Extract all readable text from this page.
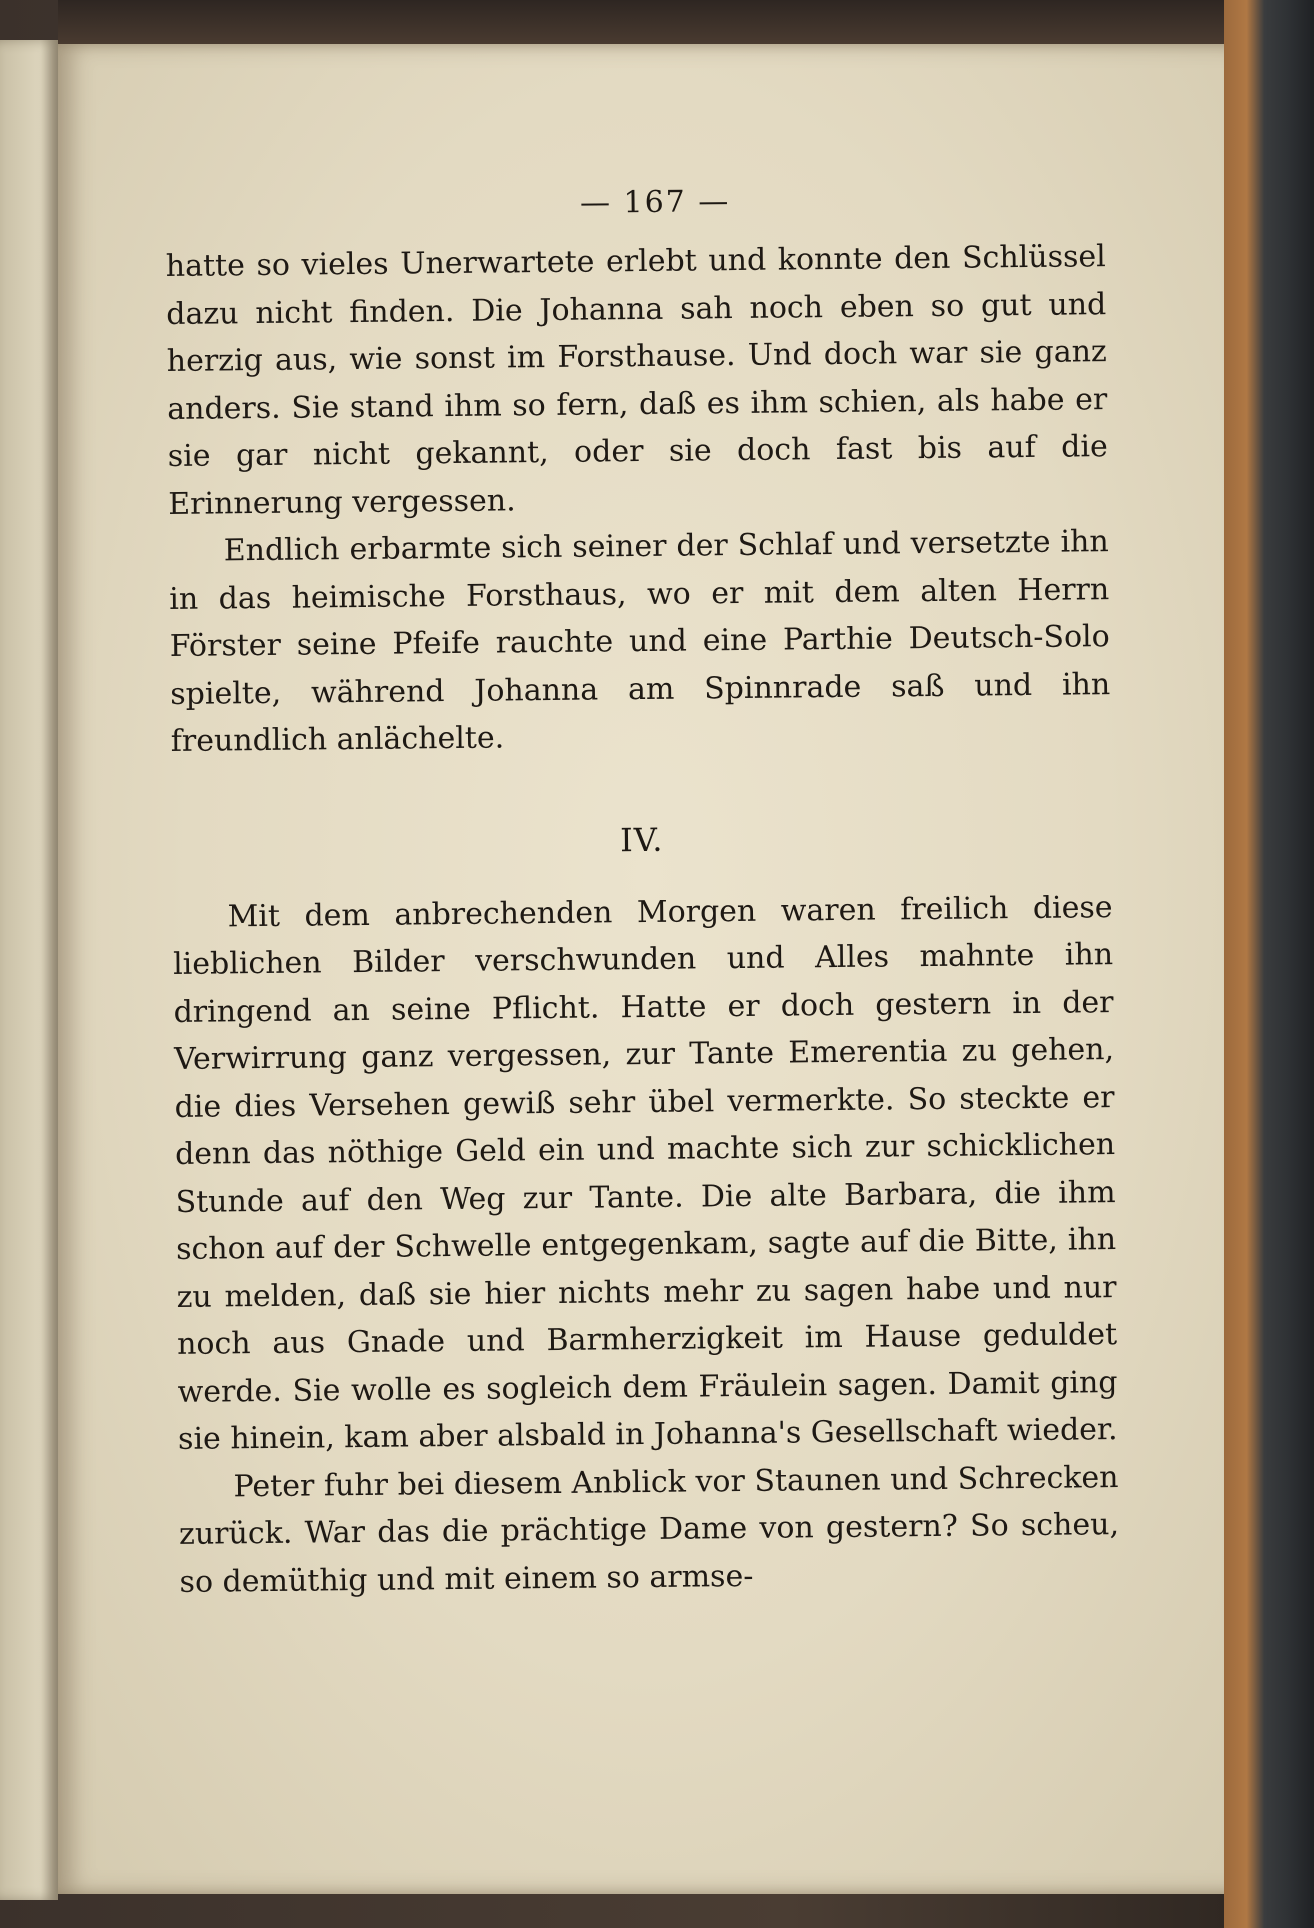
— 167 —

hatte so vieles Unerwartete erlebt und konnte den Schlüssel dazu nicht finden. Die Johanna sah noch eben so gut und herzig aus, wie sonst im Forsthause. Und doch war sie ganz anders. Sie stand ihm so fern, daß es ihm schien, als habe er sie gar nicht gekannt, oder sie doch fast bis auf die Erinnerung vergessen.

Endlich erbarmte sich seiner der Schlaf und versetzte ihn in das heimische Forsthaus, wo er mit dem alten Herrn Förster seine Pfeife rauchte und eine Parthie Deutsch-Solo spielte, während Johanna am Spinnrade saß und ihn freundlich anlächelte.

IV.

Mit dem anbrechenden Morgen waren freilich diese lieblichen Bilder verschwunden und Alles mahnte ihn dringend an seine Pflicht. Hatte er doch gestern in der Verwirrung ganz vergessen, zur Tante Emerentia zu gehen, die dies Versehen gewiß sehr übel vermerkte. So steckte er denn das nöthige Geld ein und machte sich zur schicklichen Stunde auf den Weg zur Tante. Die alte Barbara, die ihm schon auf der Schwelle entgegenkam, sagte auf die Bitte, ihn zu melden, daß sie hier nichts mehr zu sagen habe und nur noch aus Gnade und Barmherzigkeit im Hause geduldet werde. Sie wolle es sogleich dem Fräulein sagen. Damit ging sie hinein, kam aber alsbald in Johanna's Gesellschaft wieder.

Peter fuhr bei diesem Anblick vor Staunen und Schrecken zurück. War das die prächtige Dame von gestern? So scheu, so demüthig und mit einem so armse-
